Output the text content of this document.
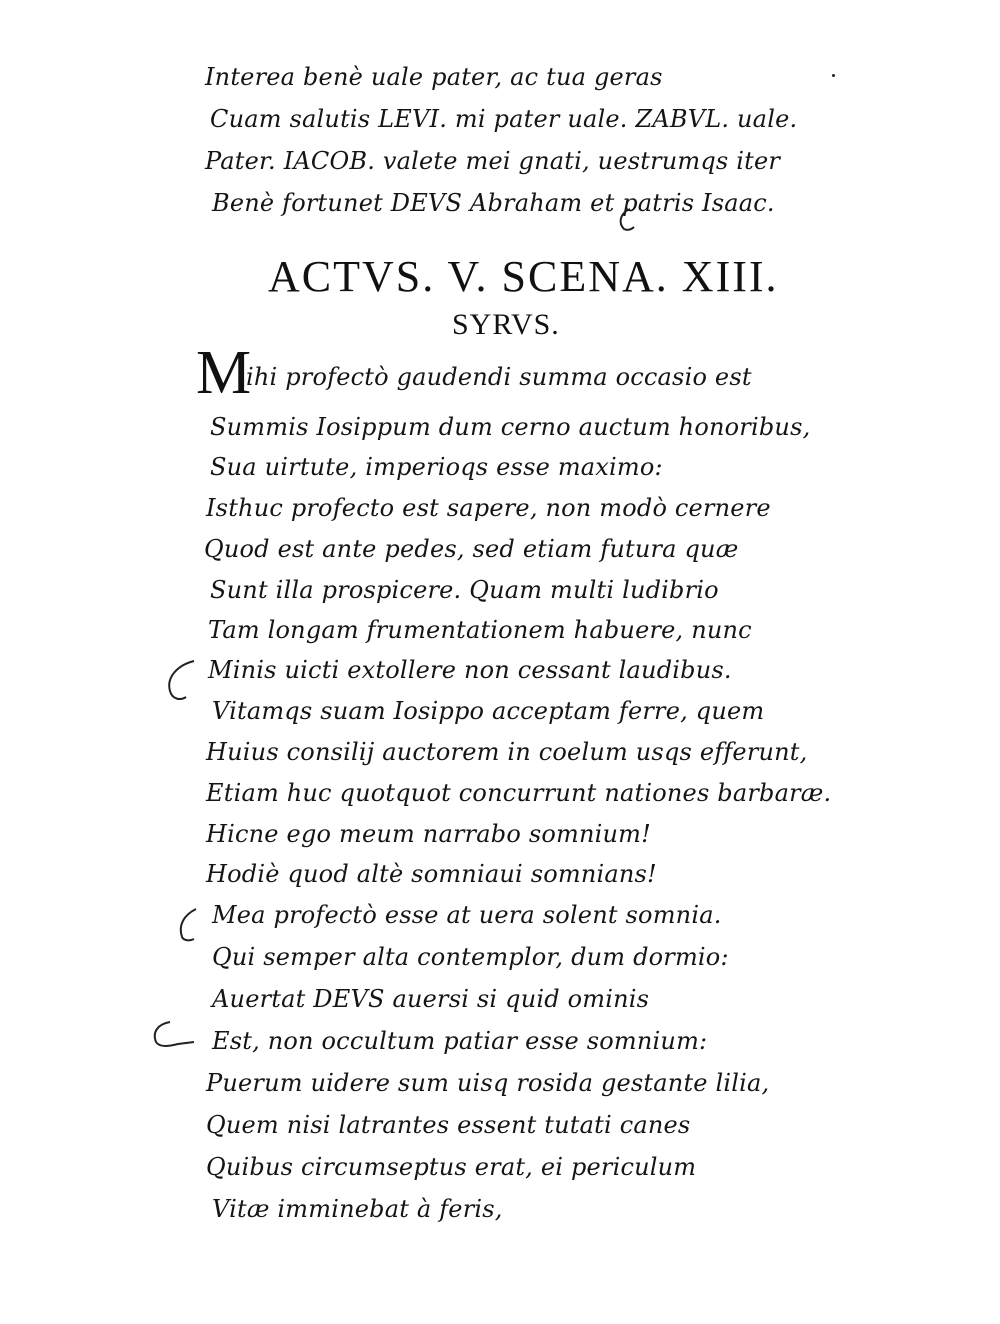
Interea benè uale pater, ac tua geras
Cuam salutis LEVI. mi pater uale. ZABVL. uale.
Pater. IACOB. valete mei gnati, uestrumqs iter
Benè fortunet DEVS Abraham et patris Isaac.
ACTVS. V. SCENA. XIII.
SYRVS.
M
ihi profectò gaudendi summa occasio est
Summis Iosippum dum cerno auctum honoribus,
Sua uirtute, imperioqs esse maximo:
Isthuc profecto est sapere, non modò cernere
Quod est ante pedes, sed etiam futura quæ
Sunt illa prospicere. Quam multi ludibrio
Tam longam frumentationem habuere, nunc
Minis uicti extollere non cessant laudibus.
Vitamqs suam Iosippo acceptam ferre, quem
Huius consilij auctorem in coelum usqs efferunt,
Etiam huc quotquot concurrunt nationes barbaræ.
Hicne ego meum narrabo somnium!
Hodiè quod altè somniaui somnians!
Mea profectò esse at uera solent somnia.
Qui semper alta contemplor, dum dormio:
Auertat DEVS auersi si quid ominis
Est, non occultum patiar esse somnium:
Puerum uidere sum uisq rosida gestante lilia,
Quem nisi latrantes essent tutati canes
Quibus circumseptus erat, ei periculum
Vitæ imminebat à feris,
